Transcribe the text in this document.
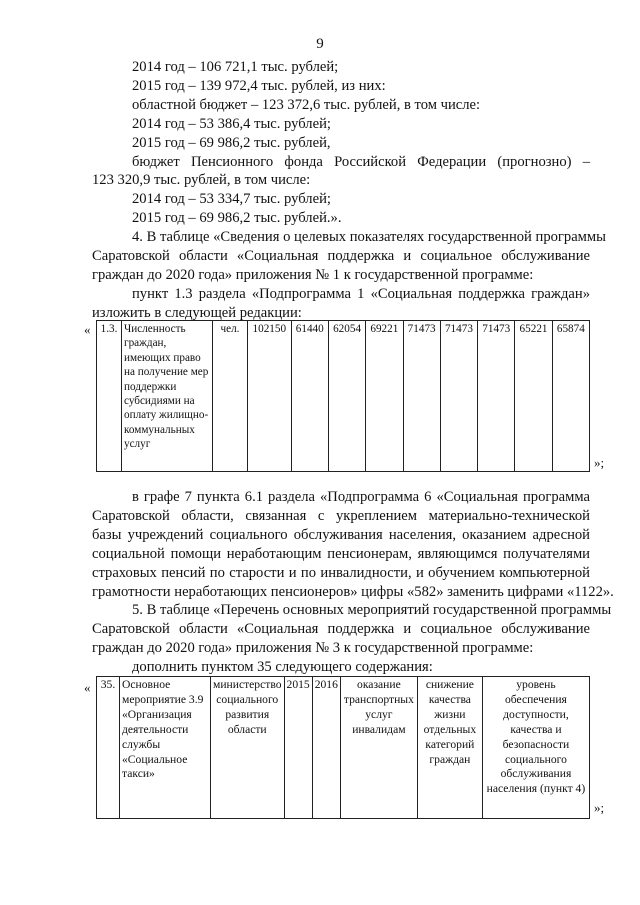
9
2014 год – 106 721,1 тыс. рублей;
2015 год – 139 972,4 тыс. рублей, из них:
областной бюджет – 123 372,6 тыс. рублей, в том числе:
2014 год – 53 386,4 тыс. рублей;
2015 год – 69 986,2 тыс. рублей,
бюджет Пенсионного фонда Российской Федерации (прогнозно) –
123 320,9 тыс. рублей, в том числе:
2014 год – 53 334,7 тыс. рублей;
2015 год – 69 986,2 тыс. рублей.».
4. В таблице «Сведения о целевых показателях государственной программы
Саратовской области «Социальная поддержка и социальное обслуживание
граждан до 2020 года» приложения № 1 к государственной программе:
пункт 1.3 раздела «Подпрограмма 1 «Социальная поддержка граждан»
изложить в следующей редакции:
« 1.3.	Численность граждан, имеющих право на получение мер поддержки субсидиями на оплату жилищно-коммунальных услуг	чел.	102150	61440	62054	69221	71473	71473	71473	65221	65874
»;
в графе 7 пункта 6.1 раздела «Подпрограмма 6 «Социальная программа
Саратовской области, связанная с укреплением материально-технической
базы учреждений социального обслуживания населения, оказанием адресной
социальной помощи неработающим пенсионерам, являющимся получателями
страховых пенсий по старости и по инвалидности, и обучением компьютерной
грамотности неработающих пенсионеров» цифры «582» заменить цифрами «1122».
5. В таблице «Перечень основных мероприятий государственной программы
Саратовской области «Социальная поддержка и социальное обслуживание
граждан до 2020 года» приложения № 3 к государственной программе:
дополнить пунктом 35 следующего содержания:
« 35.	Основное мероприятие 3.9 «Организация деятельности службы «Социальное такси»	министерство социального развития области	2015	2016	оказание транспортных услуг инвалидам	снижение качества жизни отдельных категорий граждан	уровень обеспечения доступности, качества и безопасности социального обслуживания населения (пункт 4)
»;
